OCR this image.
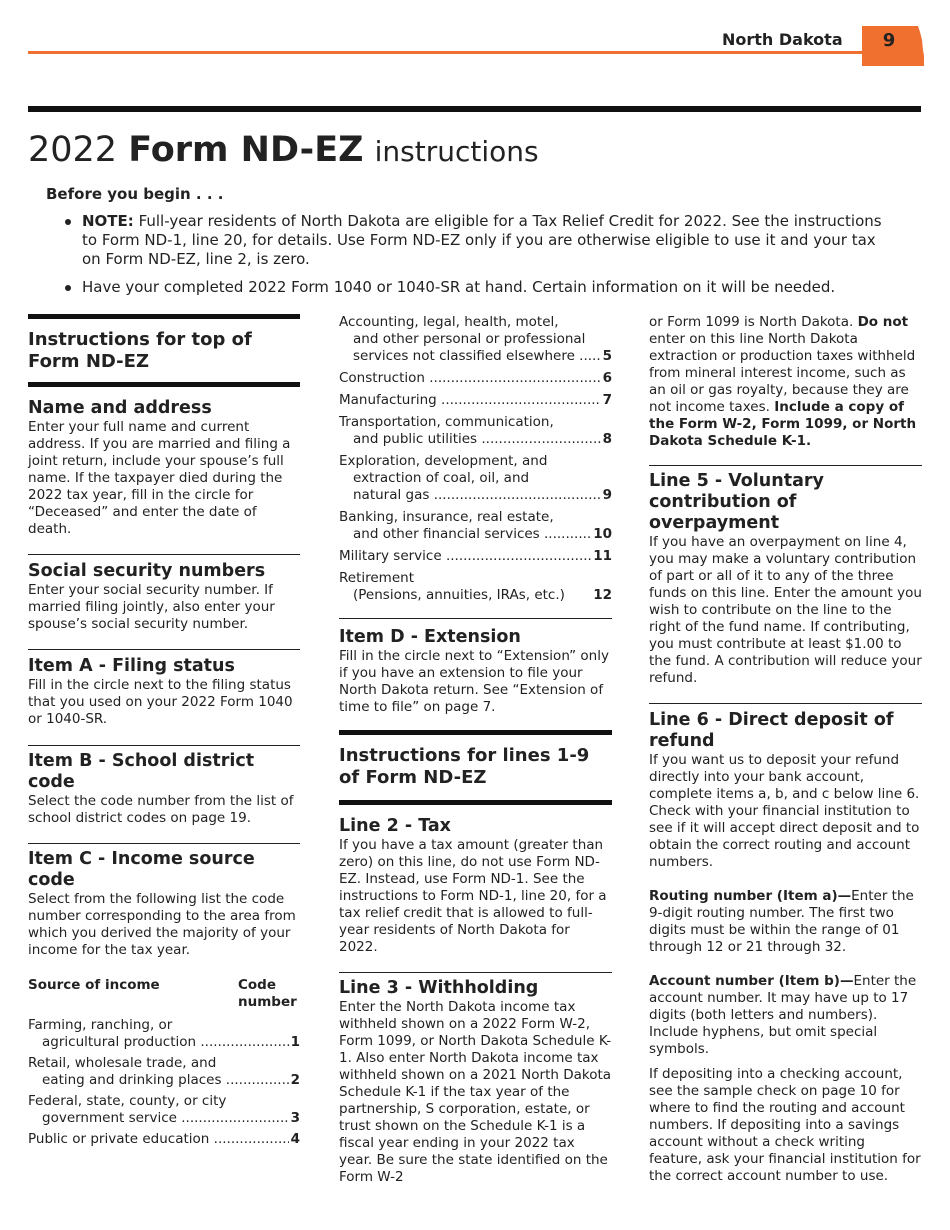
North Dakota	9
2022 Form ND-EZ instructions
Before you begin . . .
NOTE: Full-year residents of North Dakota are eligible for a Tax Relief Credit for 2022. See the instructions to Form ND-1, line 20, for details. Use Form ND-EZ only if you are otherwise eligible to use it and your tax on Form ND-EZ, line 2, is zero.
Have your completed 2022 Form 1040 or 1040-SR at hand. Certain information on it will be needed.
Instructions for top of Form ND-EZ
Name and address

Enter your full name and current address. If you are married and filing a joint return, include your spouse’s full name. If the taxpayer died during the 2022 tax year, fill in the circle for “Deceased” and enter the date of death.

Social security numbers

Enter your social security number. If married filing jointly, also enter your spouse’s social security number.

Item A - Filing status

Fill in the circle next to the filing status that you used on your 2022 Form 1040 or 1040-SR.

Item B - School district code

Select the code number from the list of school district codes on page 19.

Item C - Income source code

Select from the following list the code number corresponding to the area from which you derived the majority of your income for the tax year.

Source of income	Code number
Farming, ranching, or
agricultural production .....	1
Retail, wholesale trade, and
eating and drinking places .....	2
Federal, state, county, or city
government service .....	3
Public or private education .....	4
Accounting, legal, health, motel,
and other personal or professional
services not classified elsewhere .....	5
Construction .....	6
Manufacturing .....	7
Transportation, communication,
and public utilities .....	8
Exploration, development, and
extraction of coal, oil, and
natural gas .....	9
Banking, insurance, real estate,
and other financial services .....	10
Military service .....	11
Retirement
(Pensions, annuities, IRAs, etc.)	12
Item D - Extension

Fill in the circle next to “Extension” only if you have an extension to file your North Dakota return. See “Extension of time to file” on page 7.

Instructions for lines 1-9 of Form ND-EZ
Line 2 - Tax

If you have a tax amount (greater than zero) on this line, do not use Form ND-EZ. Instead, use Form ND-1. See the instructions to Form ND-1, line 20, for a tax relief credit that is allowed to full-year residents of North Dakota for 2022.

Line 3 - Withholding

Enter the North Dakota income tax withheld shown on a 2022 Form W-2, Form 1099, or North Dakota Schedule K-1. Also enter North Dakota income tax withheld shown on a 2021 North Dakota Schedule K-1 if the tax year of the partnership, S corporation, estate, or trust shown on the Schedule K-1 is a fiscal year ending in your 2022 tax year. Be sure the state identified on the Form W-2

or Form 1099 is North Dakota. Do not enter on this line North Dakota extraction or production taxes withheld from mineral interest income, such as an oil or gas royalty, because they are not income taxes. Include a copy of the Form W-2, Form 1099, or North Dakota Schedule K-1.

Line 5 - Voluntary contribution of overpayment

If you have an overpayment on line 4, you may make a voluntary contribution of part or all of it to any of the three funds on this line. Enter the amount you wish to contribute on the line to the right of the fund name. If contributing, you must contribute at least $1.00 to the fund. A contribution will reduce your refund.

Line 6 - Direct deposit of refund

If you want us to deposit your refund directly into your bank account, complete items a, b, and c below line 6. Check with your financial institution to see if it will accept direct deposit and to obtain the correct routing and account numbers.

Routing number (Item a)—Enter the 9-digit routing number. The first two digits must be within the range of 01 through 12 or 21 through 32.

Account number (Item b)—Enter the account number. It may have up to 17 digits (both letters and numbers). Include hyphens, but omit special symbols.

If depositing into a checking account, see the sample check on page 10 for where to find the routing and account numbers. If depositing into a savings account without a check writing feature, ask your financial institution for the correct account number to use.
